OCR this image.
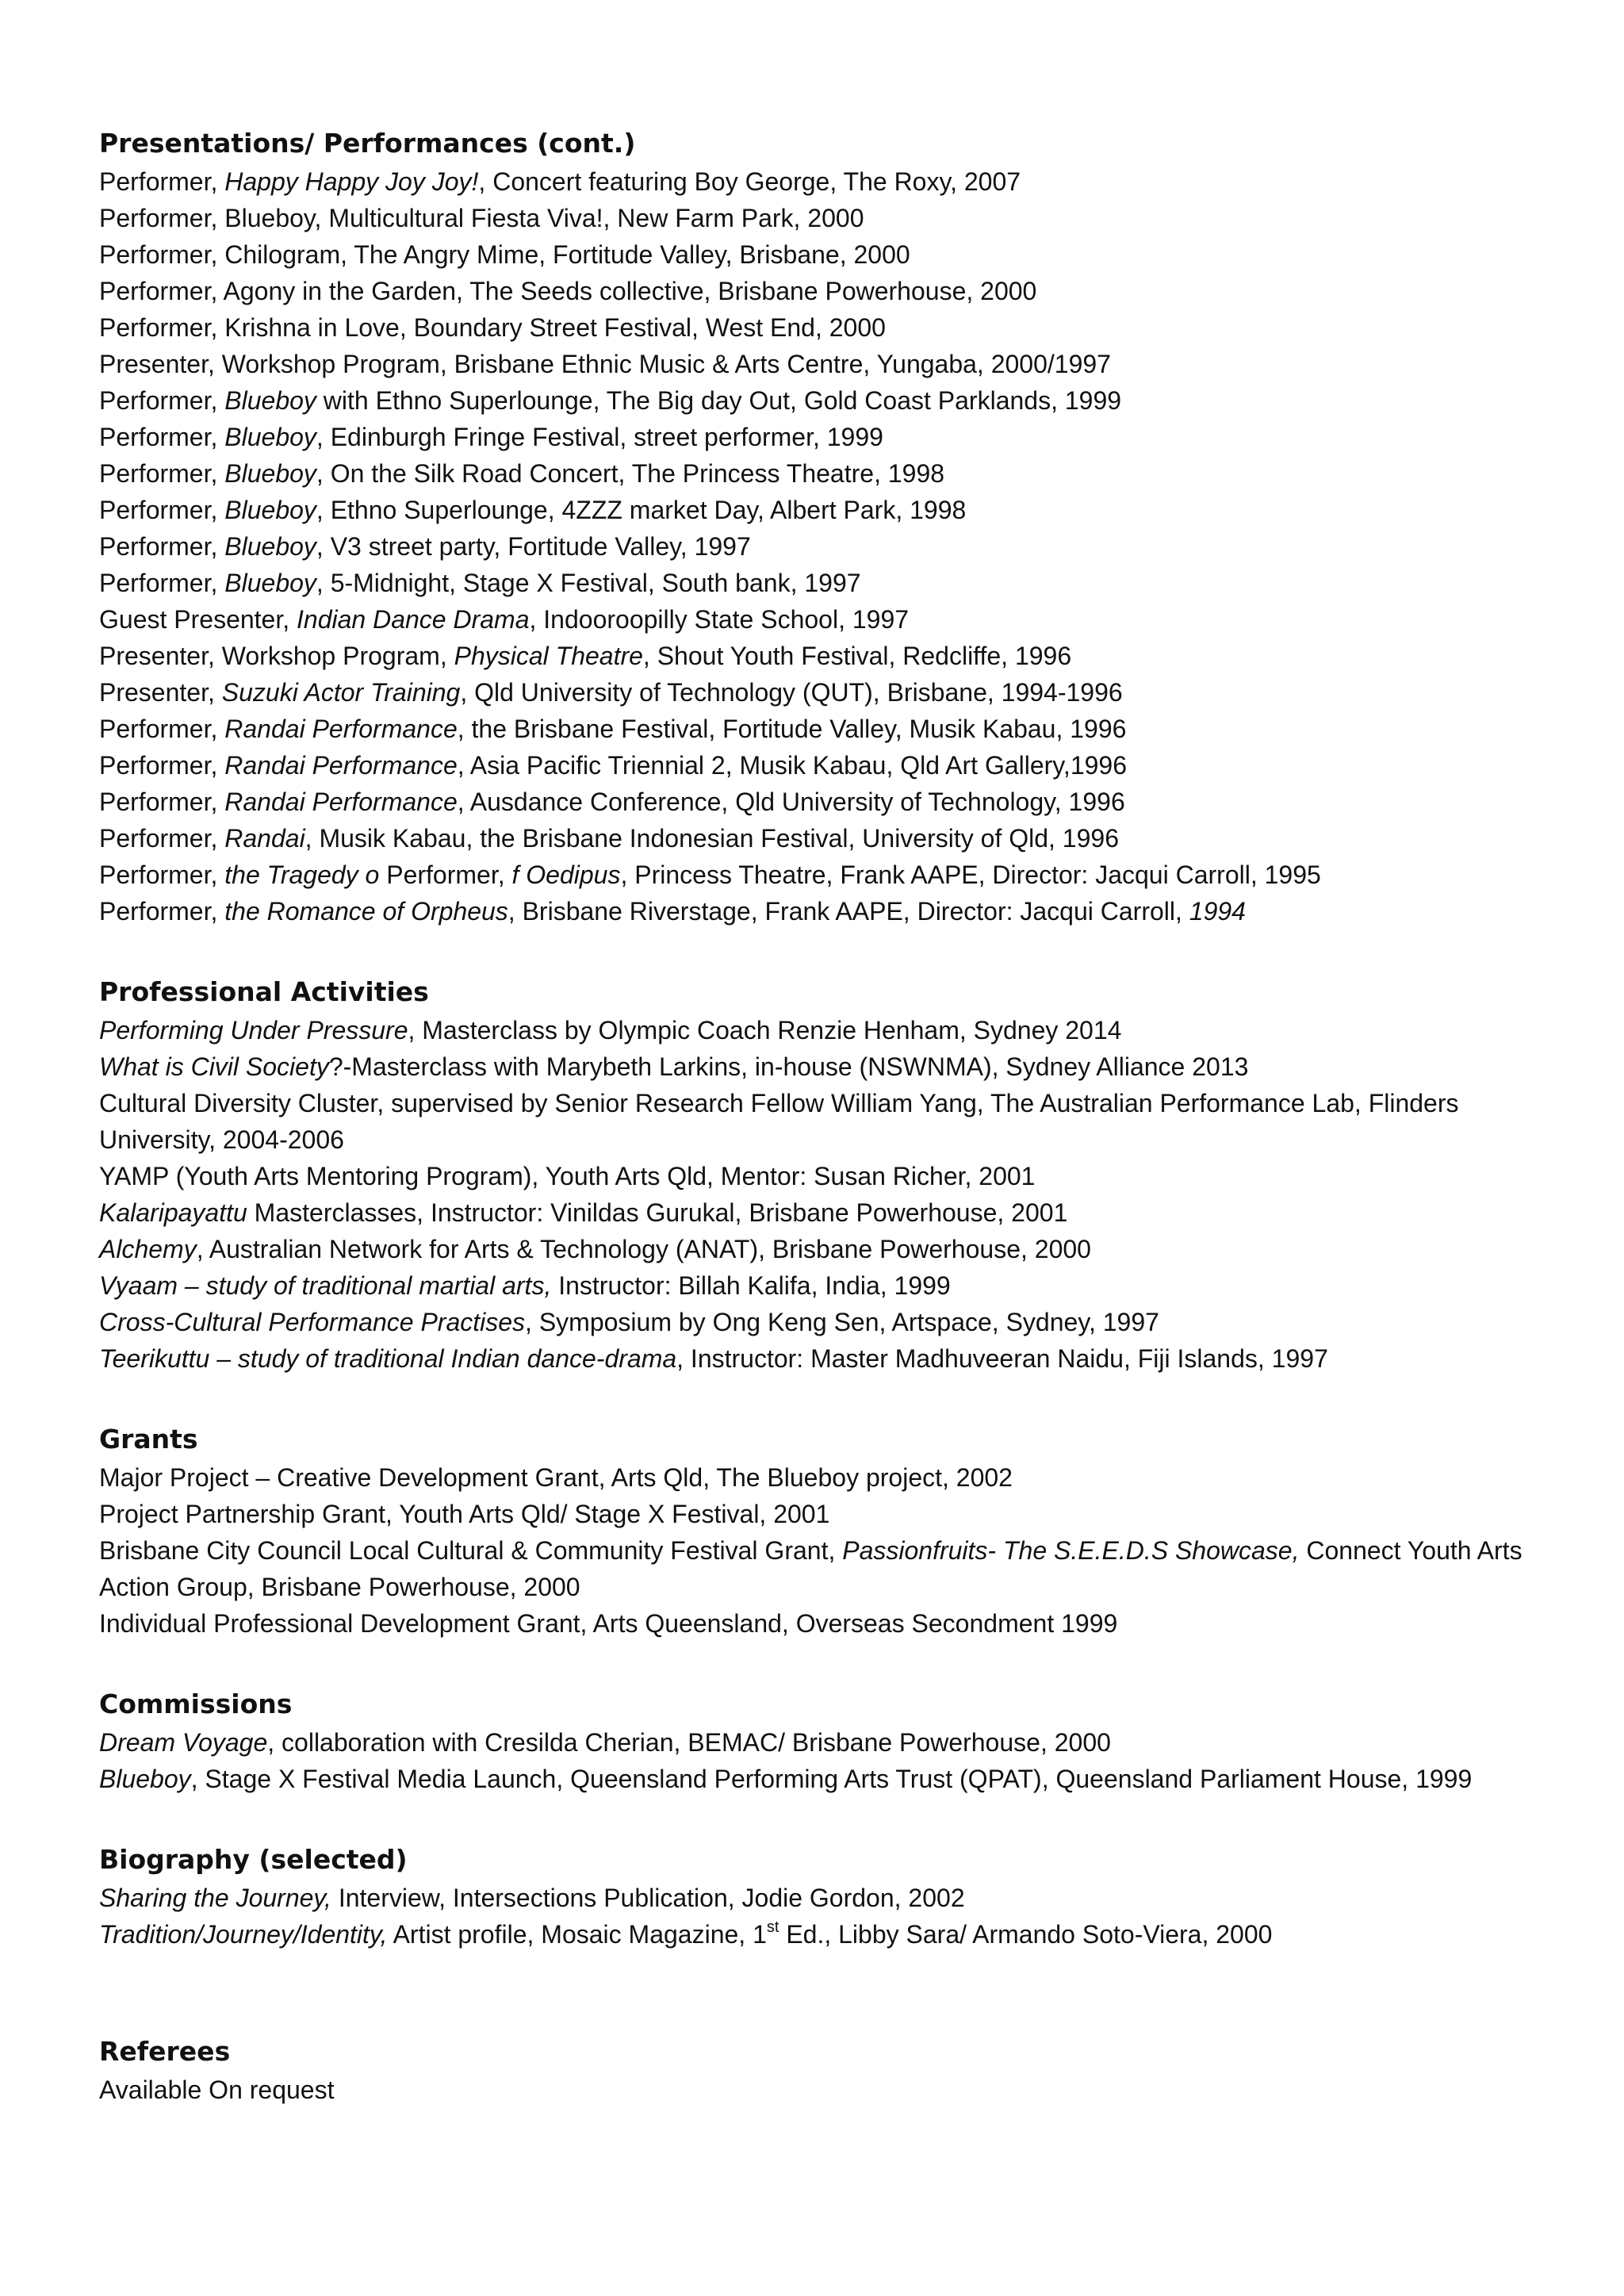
Presentations/ Performances (cont.)

Performer, Happy Happy Joy Joy!, Concert featuring Boy George, The Roxy, 2007

Performer, Blueboy, Multicultural Fiesta Viva!, New Farm Park, 2000

Performer, Chilogram, The Angry Mime, Fortitude Valley, Brisbane, 2000

Performer, Agony in the Garden, The Seeds collective, Brisbane Powerhouse, 2000

Performer, Krishna in Love, Boundary Street Festival, West End, 2000

Presenter, Workshop Program, Brisbane Ethnic Music & Arts Centre, Yungaba, 2000/1997

Performer, Blueboy with Ethno Superlounge, The Big day Out, Gold Coast Parklands, 1999

Performer, Blueboy, Edinburgh Fringe Festival, street performer, 1999

Performer, Blueboy, On the Silk Road Concert, The Princess Theatre, 1998

Performer, Blueboy, Ethno Superlounge, 4ZZZ market Day, Albert Park, 1998

Performer, Blueboy, V3 street party, Fortitude Valley, 1997

Performer, Blueboy, 5-Midnight, Stage X Festival, South bank, 1997

Guest Presenter, Indian Dance Drama, Indooroopilly State School, 1997

Presenter, Workshop Program, Physical Theatre, Shout Youth Festival, Redcliffe, 1996

Presenter, Suzuki Actor Training, Qld University of Technology (QUT), Brisbane, 1994-1996

Performer, Randai Performance, the Brisbane Festival, Fortitude Valley, Musik Kabau, 1996

Performer, Randai Performance, Asia Pacific Triennial 2, Musik Kabau, Qld Art Gallery,1996

Performer, Randai Performance, Ausdance Conference, Qld University of Technology, 1996

Performer, Randai, Musik Kabau, the Brisbane Indonesian Festival, University of Qld, 1996

Performer, the Tragedy o Performer, f Oedipus, Princess Theatre, Frank AAPE, Director: Jacqui Carroll, 1995

Performer, the Romance of Orpheus, Brisbane Riverstage, Frank AAPE, Director: Jacqui Carroll, 1994

Professional Activities

Performing Under Pressure, Masterclass by Olympic Coach Renzie Henham, Sydney 2014

What is Civil Society?-Masterclass with Marybeth Larkins, in-house (NSWNMA), Sydney Alliance 2013

Cultural Diversity Cluster, supervised by Senior Research Fellow William Yang, The Australian Performance Lab, Flinders University, 2004-2006

YAMP (Youth Arts Mentoring Program), Youth Arts Qld, Mentor: Susan Richer, 2001

Kalaripayattu Masterclasses, Instructor: Vinildas Gurukal, Brisbane Powerhouse, 2001

Alchemy, Australian Network for Arts & Technology (ANAT), Brisbane Powerhouse, 2000

Vyaam – study of traditional martial arts, Instructor: Billah Kalifa, India, 1999

Cross-Cultural Performance Practises, Symposium by Ong Keng Sen, Artspace, Sydney, 1997

Teerikuttu – study of traditional Indian dance-drama, Instructor: Master Madhuveeran Naidu, Fiji Islands, 1997

Grants

Major Project – Creative Development Grant, Arts Qld, The Blueboy project, 2002

Project Partnership Grant, Youth Arts Qld/ Stage X Festival, 2001

Brisbane City Council Local Cultural & Community Festival Grant, Passionfruits- The S.E.E.D.S Showcase, Connect Youth Arts Action Group, Brisbane Powerhouse, 2000

Individual Professional Development Grant, Arts Queensland, Overseas Secondment 1999

Commissions

Dream Voyage, collaboration with Cresilda Cherian, BEMAC/ Brisbane Powerhouse, 2000

Blueboy, Stage X Festival Media Launch, Queensland Performing Arts Trust (QPAT), Queensland Parliament House, 1999

Biography (selected)

Sharing the Journey, Interview, Intersections Publication, Jodie Gordon, 2002

Tradition/Journey/Identity, Artist profile, Mosaic Magazine, 1st Ed., Libby Sara/ Armando Soto-Viera, 2000

Referees

Available On request
